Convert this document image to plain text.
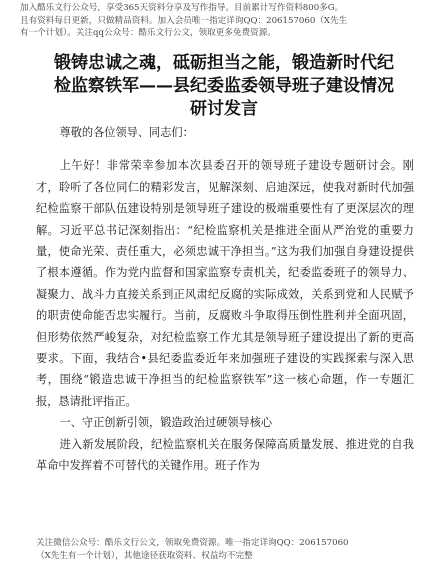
加入酷乐文行公众号，享受365天资料分享及写作指导。目前累计写作资料800多G。
且有资料每日更新，只做精品资料。加入会员唯一指定详询QQ：206157060（X先生
有一个计划）。关注qq公众号：酷乐文行公文，领取更多免费资源。
锻铸忠诚之魂，砥砺担当之能，锻造新时代纪
检监察铁军——县纪委监委领导班子建设情况
研讨发言

尊敬的各位领导、同志们：

上午好！非常荣幸参加本次县委召开的领导班子建设专题研讨会。刚才，聆听了各位同仁的精彩发言，见解深刻、启迪深远，使我对新时代加强纪检监察干部队伍建设特别是领导班子建设的极端重要性有了更深层次的理解。习近平总书记深刻指出：“纪检监察机关是推进全面从严治党的重要力量，使命光荣、责任重大，必须忠诚干净担当。”这为我们加强自身建设提供了根本遵循。作为党内监督和国家监察专责机关，纪委监委班子的领导力、凝聚力、战斗力直接关系到正风肃纪反腐的实际成效，关系到党和人民赋予的职责使命能否忠实履行。当前，反腐败斗争取得压倒性胜利并全面巩固，但形势依然严峻复杂，对纪检监察工作尤其是领导班子建设提出了新的更高要求。下面，我结合•县纪委监委近年来加强班子建设的实践探索与深入思考，围绕“锻造忠诚干净担当的纪检监察铁军”这一核心命题，作一专题汇报，恳请批评指正。

一、守正创新引领，锻造政治过硬领导核心

进入新发展阶段，纪检监察机关在服务保障高质量发展、推进党的自我革命中发挥着不可替代的关键作用。班子作为

关注微信公众号：酷乐文行公文，领取免费资源。唯一指定详询QQ：206157060
（X先生有一个计划），其他途径获取资料、权益均不完整
